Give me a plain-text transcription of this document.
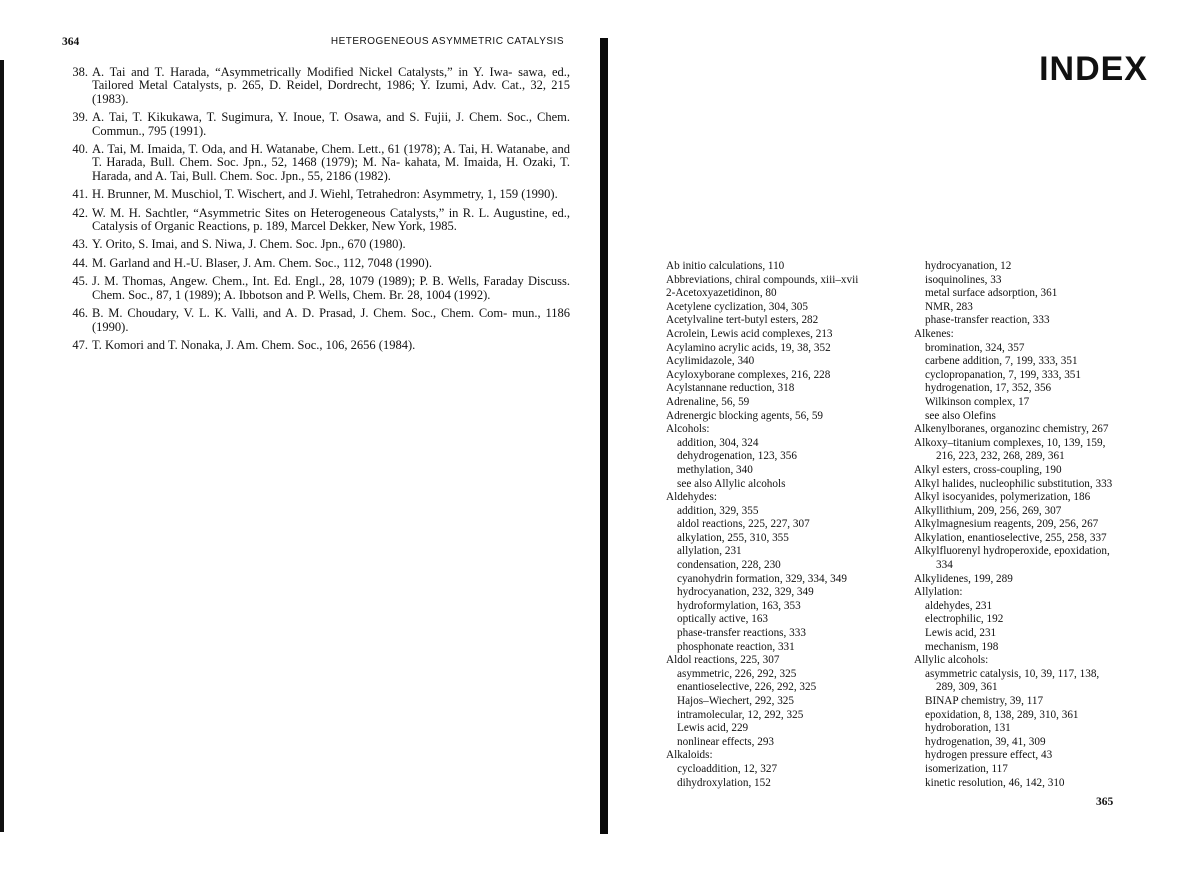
364	HETEROGENEOUS ASYMMETRIC CATALYSIS
38. A. Tai and T. Harada, “Asymmetrically Modified Nickel Catalysts,” in Y. Iwa- sawa, ed., Tailored Metal Catalysts, p. 265, D. Reidel, Dordrecht, 1986; Y. Izumi, Adv. Cat., 32, 215 (1983).
39. A. Tai, T. Kikukawa, T. Sugimura, Y. Inoue, T. Osawa, and S. Fujii, J. Chem. Soc., Chem. Commun., 795 (1991).
40. A. Tai, M. Imaida, T. Oda, and H. Watanabe, Chem. Lett., 61 (1978); A. Tai, H. Watanabe, and T. Harada, Bull. Chem. Soc. Jpn., 52, 1468 (1979); M. Na- kahata, M. Imaida, H. Ozaki, T. Harada, and A. Tai, Bull. Chem. Soc. Jpn., 55, 2186 (1982).
41. H. Brunner, M. Muschiol, T. Wischert, and J. Wiehl, Tetrahedron: Asymmetry, 1, 159 (1990).
42. W. M. H. Sachtler, “Asymmetric Sites on Heterogeneous Catalysts,” in R. L. Augustine, ed., Catalysis of Organic Reactions, p. 189, Marcel Dekker, New York, 1985.
43. Y. Orito, S. Imai, and S. Niwa, J. Chem. Soc. Jpn., 670 (1980).
44. M. Garland and H.-U. Blaser, J. Am. Chem. Soc., 112, 7048 (1990).
45. J. M. Thomas, Angew. Chem., Int. Ed. Engl., 28, 1079 (1989); P. B. Wells, Faraday Discuss. Chem. Soc., 87, 1 (1989); A. Ibbotson and P. Wells, Chem. Br. 28, 1004 (1992).
46. B. M. Choudary, V. L. K. Valli, and A. D. Prasad, J. Chem. Soc., Chem. Com- mun., 1186 (1990).
47. T. Komori and T. Nonaka, J. Am. Chem. Soc., 106, 2656 (1984).
INDEX
Ab initio calculations, 110
Abbreviations, chiral compounds, xiii–xvii
2-Acetoxyazetidinon, 80
Acetylene cyclization, 304, 305
Acetylvaline tert-butyl esters, 282
Acrolein, Lewis acid complexes, 213
Acylamino acrylic acids, 19, 38, 352
Acylimidazole, 340
Acyloxyborane complexes, 216, 228
Acylstannane reduction, 318
Adrenaline, 56, 59
Adrenergic blocking agents, 56, 59
Alcohols:
addition, 304, 324
dehydrogenation, 123, 356
methylation, 340
see also Allylic alcohols
Aldehydes:
addition, 329, 355
aldol reactions, 225, 227, 307
alkylation, 255, 310, 355
allylation, 231
condensation, 228, 230
cyanohydrin formation, 329, 334, 349
hydrocyanation, 232, 329, 349
hydroformylation, 163, 353
optically active, 163
phase-transfer reactions, 333
phosphonate reaction, 331
Aldol reactions, 225, 307
asymmetric, 226, 292, 325
enantioselective, 226, 292, 325
Hajos–Wiechert, 292, 325
intramolecular, 12, 292, 325
Lewis acid, 229
nonlinear effects, 293
Alkaloids:
cycloaddition, 12, 327
dihydroxylation, 152
hydrocyanation, 12
isoquinolines, 33
metal surface adsorption, 361
NMR, 283
phase-transfer reaction, 333
Alkenes:
bromination, 324, 357
carbene addition, 7, 199, 333, 351
cyclopropanation, 7, 199, 333, 351
hydrogenation, 17, 352, 356
Wilkinson complex, 17
see also Olefins
Alkenylboranes, organozinc chemistry, 267
Alkoxy–titanium complexes, 10, 139, 159,
216, 223, 232, 268, 289, 361
Alkyl esters, cross-coupling, 190
Alkyl halides, nucleophilic substitution, 333
Alkyl isocyanides, polymerization, 186
Alkyllithium, 209, 256, 269, 307
Alkylmagnesium reagents, 209, 256, 267
Alkylation, enantioselective, 255, 258, 337
Alkylfluorenyl hydroperoxide, epoxidation,
334
Alkylidenes, 199, 289
Allylation:
aldehydes, 231
electrophilic, 192
Lewis acid, 231
mechanism, 198
Allylic alcohols:
asymmetric catalysis, 10, 39, 117, 138,
289, 309, 361
BINAP chemistry, 39, 117
epoxidation, 8, 138, 289, 310, 361
hydroboration, 131
hydrogenation, 39, 41, 309
hydrogen pressure effect, 43
isomerization, 117
kinetic resolution, 46, 142, 310
365
